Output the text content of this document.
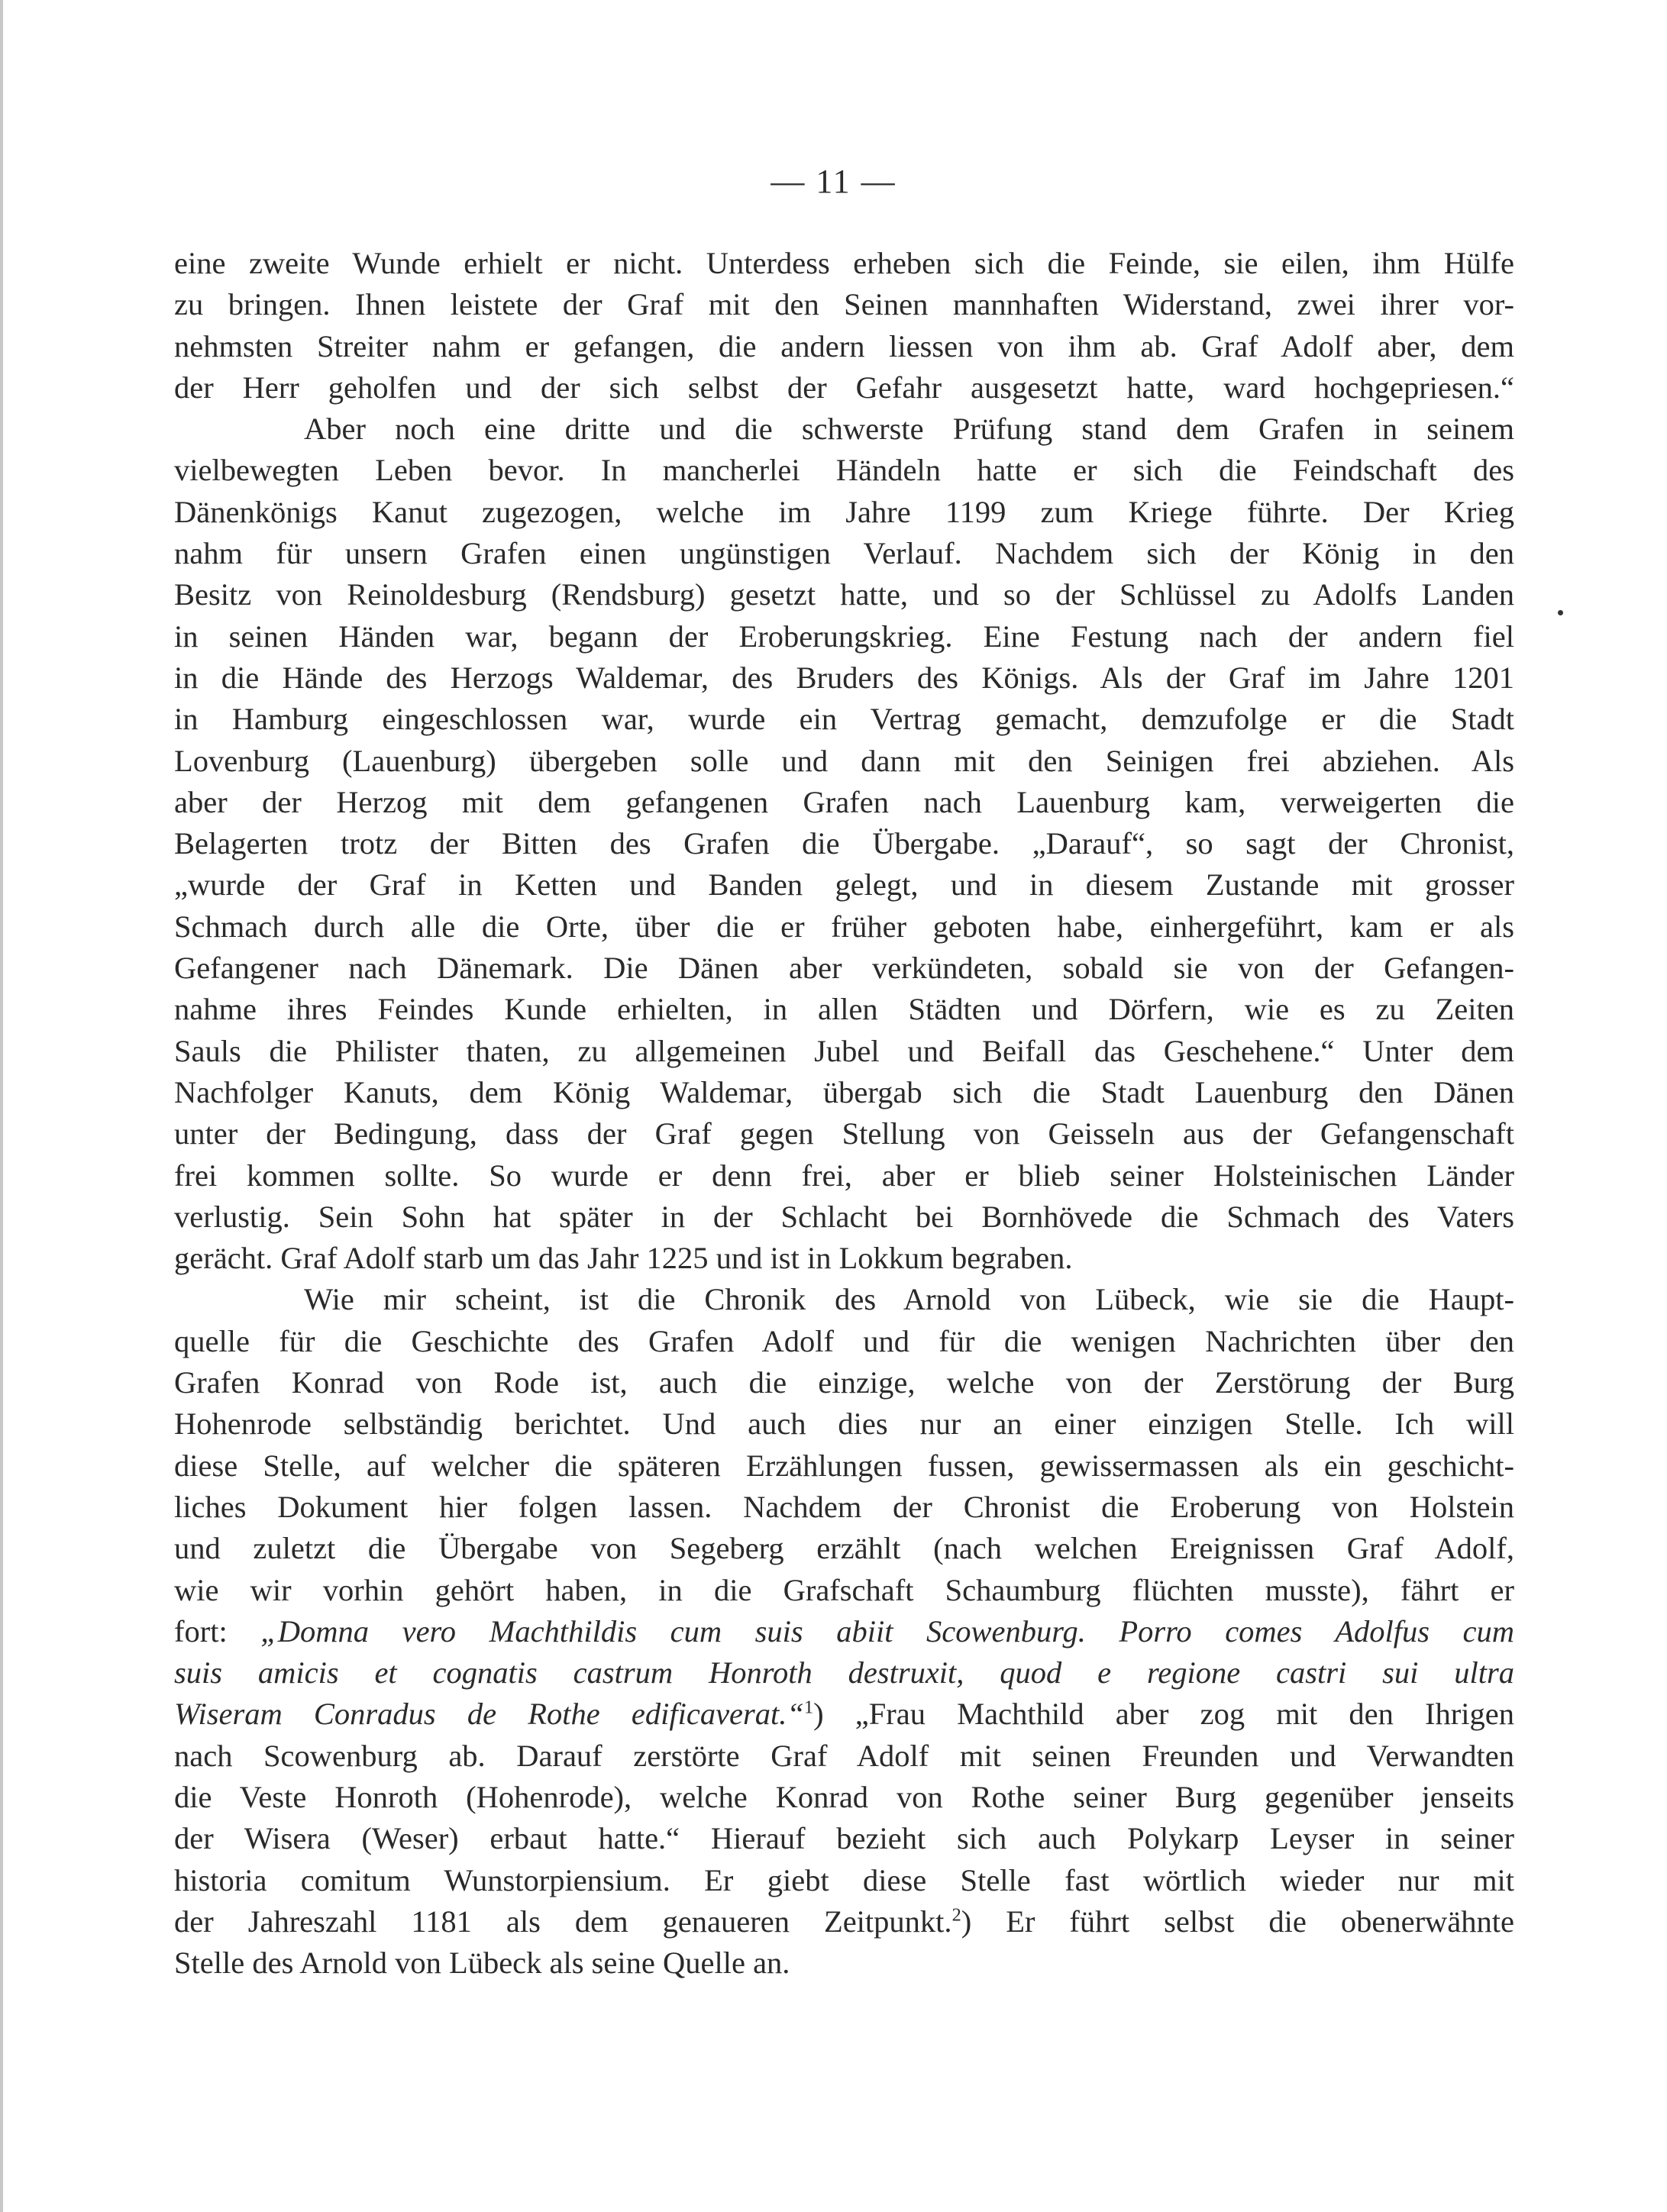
— 11 —
eine zweite Wunde erhielt er nicht. Unterdess erheben sich die Feinde, sie eilen, ihm Hülfe
zu bringen. Ihnen leistete der Graf mit den Seinen mannhaften Widerstand, zwei ihrer vor-
nehmsten Streiter nahm er gefangen, die andern liessen von ihm ab. Graf Adolf aber, dem
der Herr geholfen und der sich selbst der Gefahr ausgesetzt hatte, ward hochgepriesen.“
Aber noch eine dritte und die schwerste Prüfung stand dem Grafen in seinem
vielbewegten Leben bevor. In mancherlei Händeln hatte er sich die Feindschaft des
Dänenkönigs Kanut zugezogen, welche im Jahre 1199 zum Kriege führte. Der Krieg
nahm für unsern Grafen einen ungünstigen Verlauf. Nachdem sich der König in den
Besitz von Reinoldesburg (Rendsburg) gesetzt hatte, und so der Schlüssel zu Adolfs Landen
in seinen Händen war, begann der Eroberungskrieg. Eine Festung nach der andern fiel
in die Hände des Herzogs Waldemar, des Bruders des Königs. Als der Graf im Jahre 1201
in Hamburg eingeschlossen war, wurde ein Vertrag gemacht, demzufolge er die Stadt
Lovenburg (Lauenburg) übergeben solle und dann mit den Seinigen frei abziehen. Als
aber der Herzog mit dem gefangenen Grafen nach Lauenburg kam, verweigerten die
Belagerten trotz der Bitten des Grafen die Übergabe. „Darauf“, so sagt der Chronist,
„wurde der Graf in Ketten und Banden gelegt, und in diesem Zustande mit grosser
Schmach durch alle die Orte, über die er früher geboten habe, einhergeführt, kam er als
Gefangener nach Dänemark. Die Dänen aber verkündeten, sobald sie von der Gefangen-
nahme ihres Feindes Kunde erhielten, in allen Städten und Dörfern, wie es zu Zeiten
Sauls die Philister thaten, zu allgemeinen Jubel und Beifall das Geschehene.“ Unter dem
Nachfolger Kanuts, dem König Waldemar, übergab sich die Stadt Lauenburg den Dänen
unter der Bedingung, dass der Graf gegen Stellung von Geisseln aus der Gefangenschaft
frei kommen sollte. So wurde er denn frei, aber er blieb seiner Holsteinischen Länder
verlustig. Sein Sohn hat später in der Schlacht bei Bornhövede die Schmach des Vaters
gerächt. Graf Adolf starb um das Jahr 1225 und ist in Lokkum begraben.
Wie mir scheint, ist die Chronik des Arnold von Lübeck, wie sie die Haupt-
quelle für die Geschichte des Grafen Adolf und für die wenigen Nachrichten über den
Grafen Konrad von Rode ist, auch die einzige, welche von der Zerstörung der Burg
Hohenrode selbständig berichtet. Und auch dies nur an einer einzigen Stelle. Ich will
diese Stelle, auf welcher die späteren Erzählungen fussen, gewissermassen als ein geschicht-
liches Dokument hier folgen lassen. Nachdem der Chronist die Eroberung von Holstein
und zuletzt die Übergabe von Segeberg erzählt (nach welchen Ereignissen Graf Adolf,
wie wir vorhin gehört haben, in die Grafschaft Schaumburg flüchten musste), fährt er
fort: „Domna vero Machthildis cum suis abiit Scowenburg. Porro comes Adolfus cum
suis amicis et cognatis castrum Honroth destruxit, quod e regione castri sui ultra
Wiseram Conradus de Rothe edificaverat.“$^1$) „Frau Machthild aber zog mit den Ihrigen
nach Scowenburg ab. Darauf zerstörte Graf Adolf mit seinen Freunden und Verwandten
die Veste Honroth (Hohenrode), welche Konrad von Rothe seiner Burg gegenüber jenseits
der Wisera (Weser) erbaut hatte.“ Hierauf bezieht sich auch Polykarp Leyser in seiner
historia comitum Wunstorpiensium. Er giebt diese Stelle fast wörtlich wieder nur mit
der Jahreszahl 1181 als dem genaueren Zeitpunkt.$^2$) Er führt selbst die obenerwähnte
Stelle des Arnold von Lübeck als seine Quelle an.
